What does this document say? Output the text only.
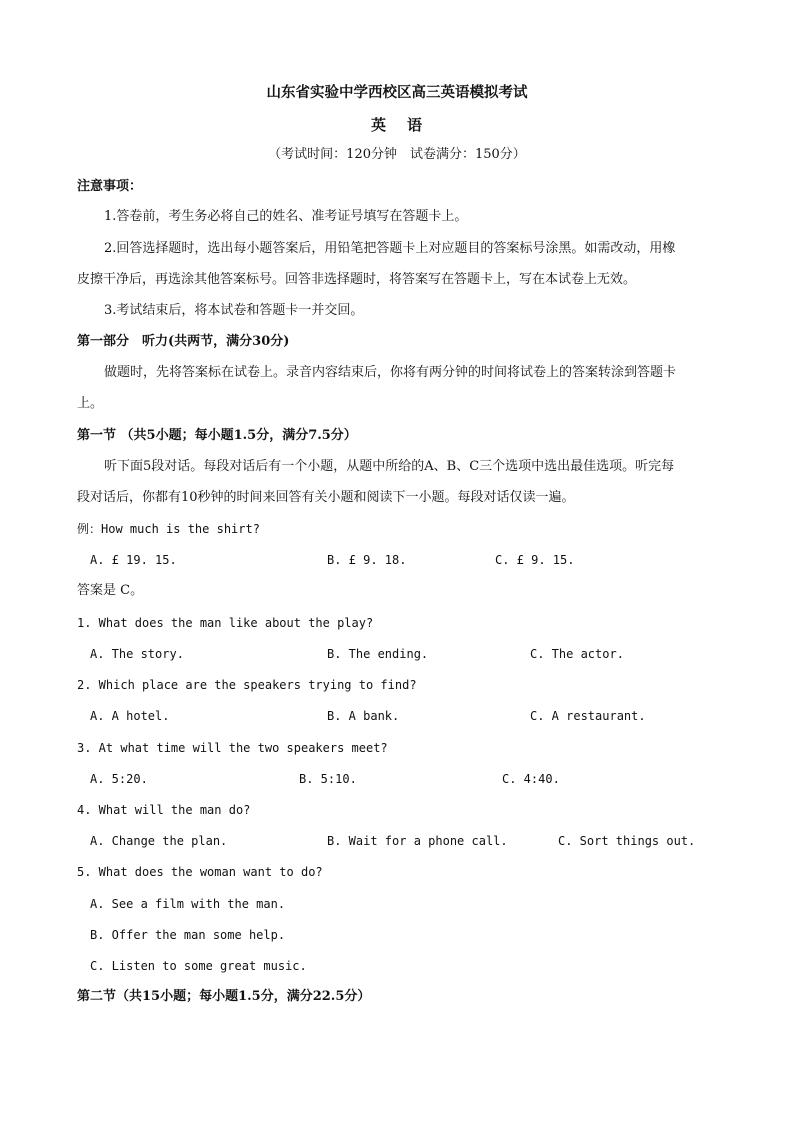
山东省实验中学西校区高三英语模拟考试
英 语
（考试时间：120分钟　试卷满分：150分）
注意事项：
1.答卷前，考生务必将自己的姓名、准考证号填写在答题卡上。
2.回答选择题时，选出每小题答案后，用铅笔把答题卡上对应题目的答案标号涂黑。如需改动，用橡
皮擦干净后，再选涂其他答案标号。回答非选择题时，将答案写在答题卡上，写在本试卷上无效。
3.考试结束后，将本试卷和答题卡一并交回。
第一部分　听力(共两节，满分30分)
做题时，先将答案标在试卷上。录音内容结束后，你将有两分钟的时间将试卷上的答案转涂到答题卡
上。
第一节 （共5小题；每小题1.5分，满分7.5分）
听下面5段对话。每段对话后有一个小题，从题中所给的A、B、C三个选项中选出最佳选项。听完每
段对话后，你都有10秒钟的时间来回答有关小题和阅读下一小题。每段对话仅读一遍。
例：How much is the shirt?
A. £ 19. 15.	B. £ 9. 18.	C. £ 9. 15.
答案是 C。
1. What does the man like about the play?
A. The story.	B. The ending.	C. The actor.
2. Which place are the speakers trying to find?
A. A hotel.	B. A bank.	C. A restaurant.
3. At what time will the two speakers meet?
A. 5:20.	B. 5:10.	C. 4:40.
4. What will the man do?
A. Change the plan.	B. Wait for a phone call.	C. Sort things out.
5. What does the woman want to do?
A. See a film with the man.
B. Offer the man some help.
C. Listen to some great music.
第二节（共15小题；每小题1.5分，满分22.5分）
